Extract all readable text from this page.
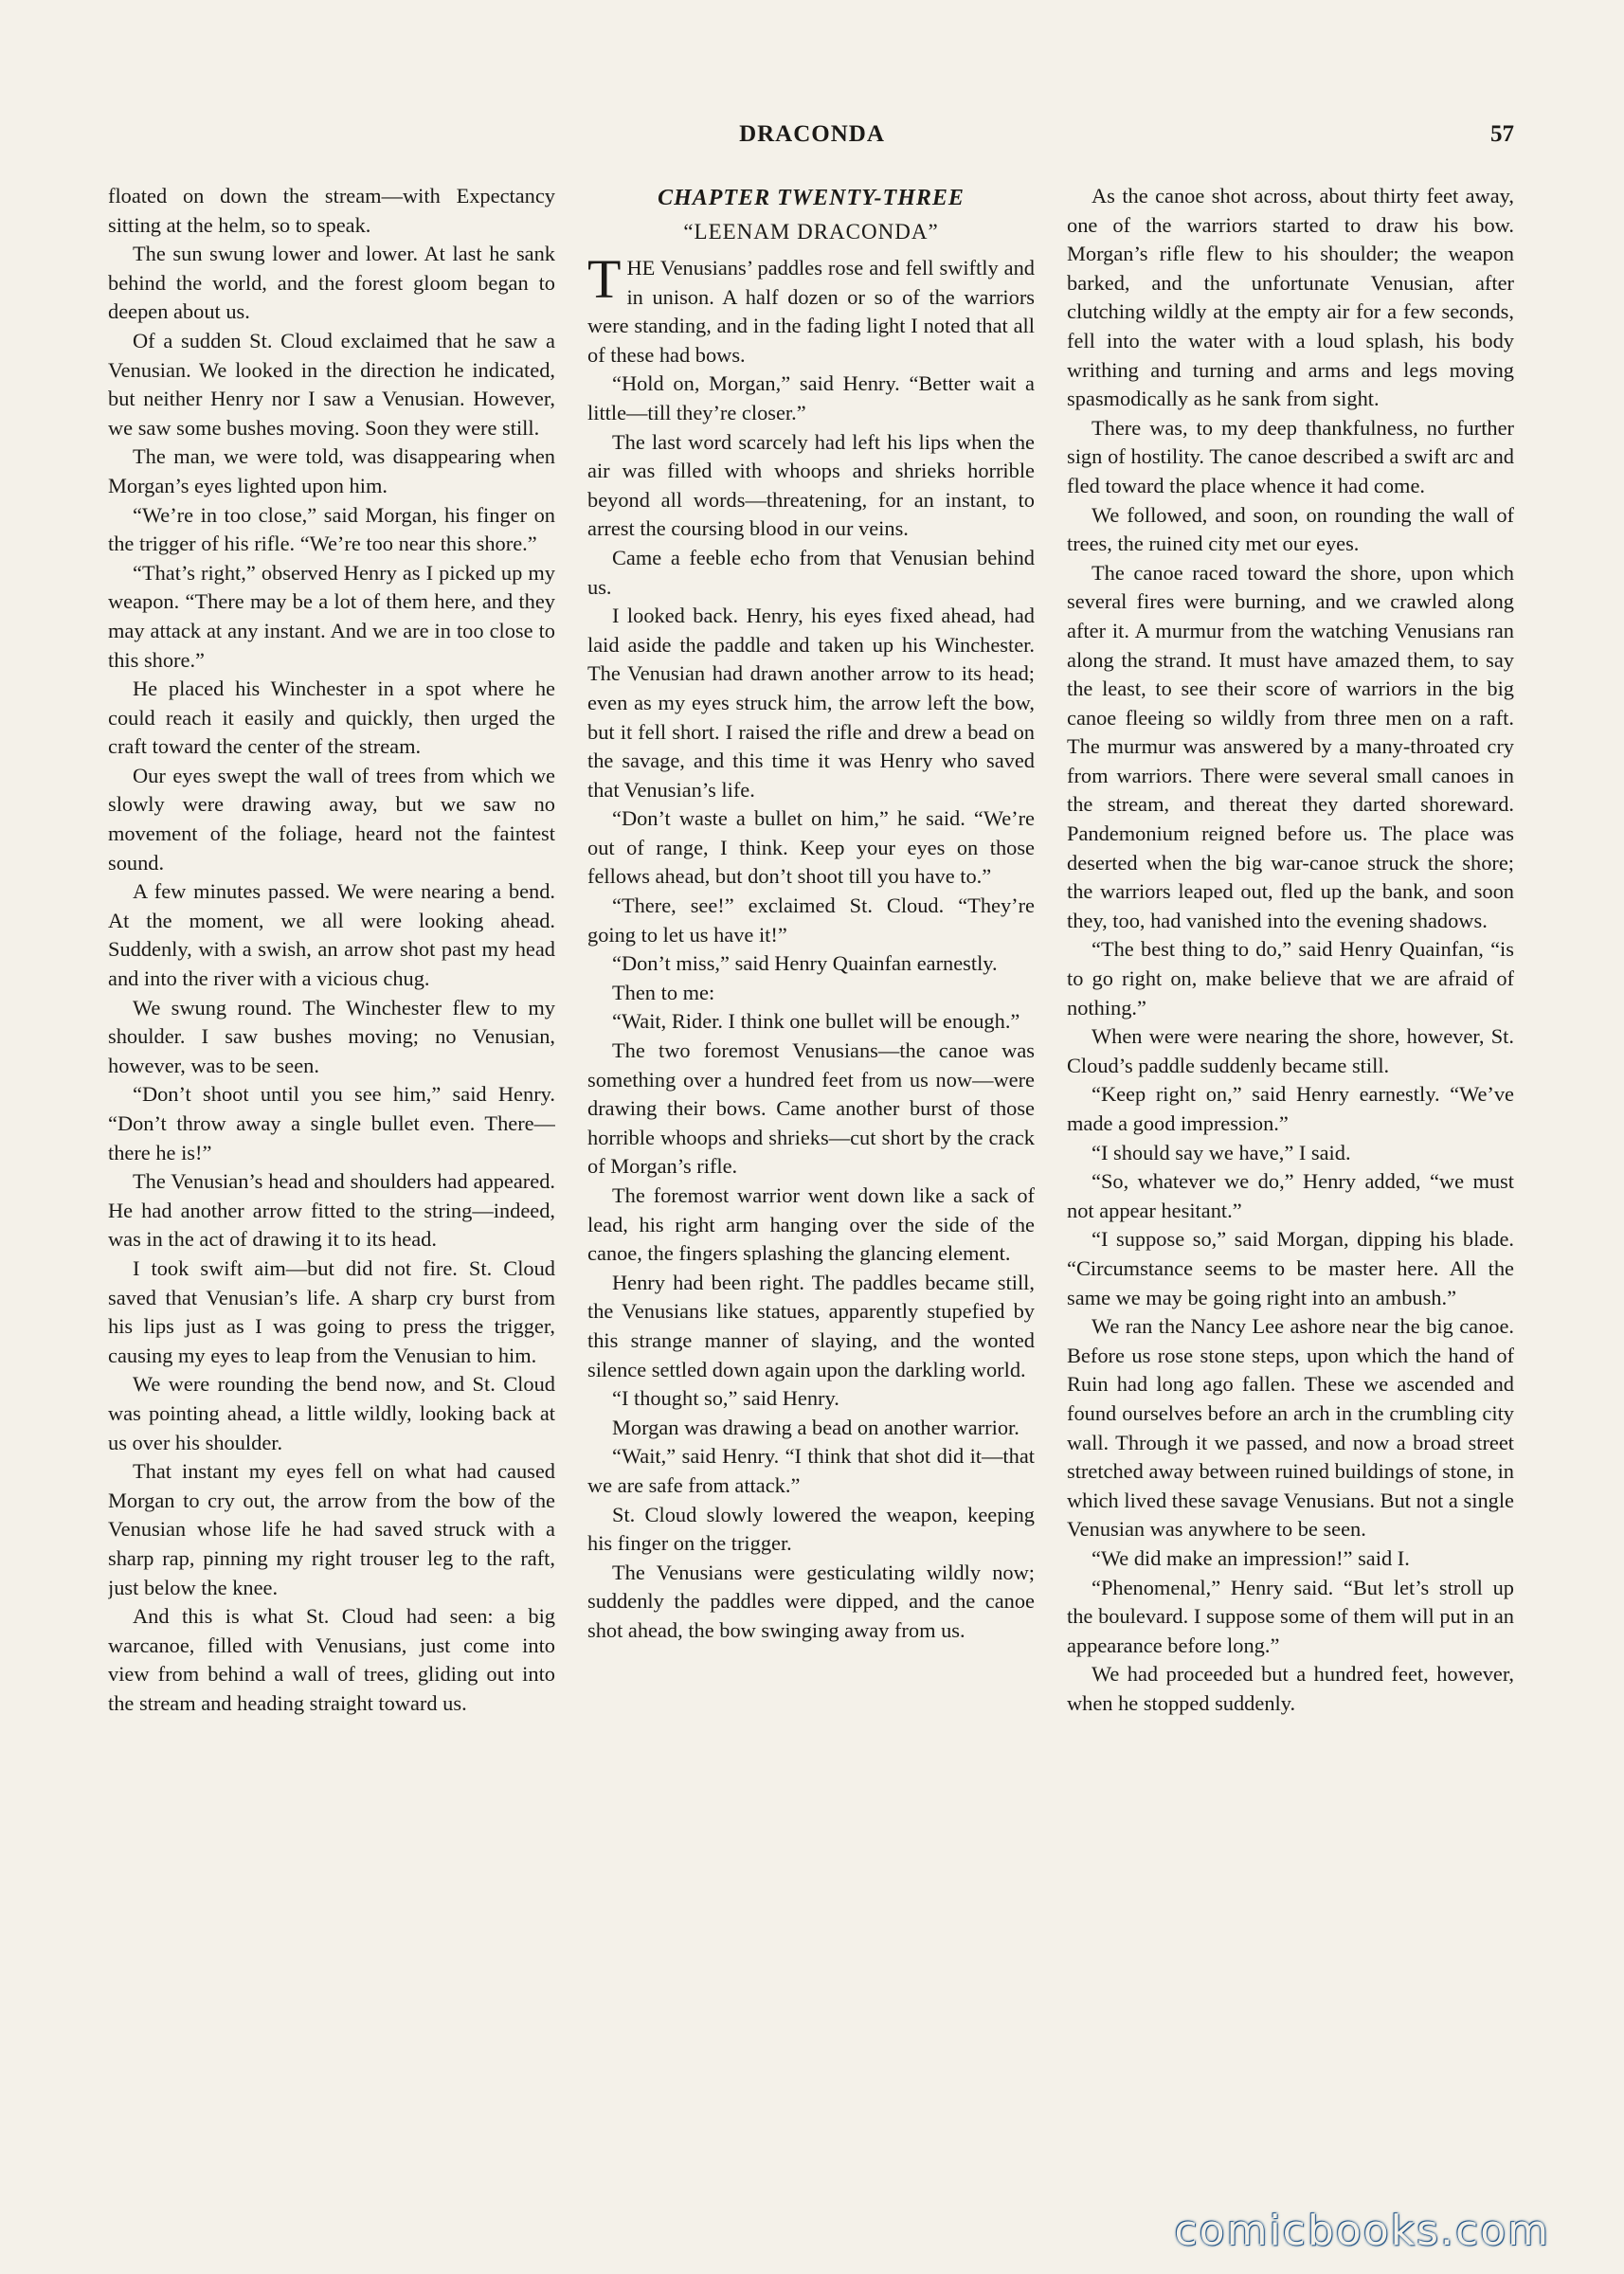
DRACONDA	57

floated on down the stream—with Expectancy sitting at the helm, so to speak.

The sun swung lower and lower. At last he sank behind the world, and the forest gloom began to deepen about us.

Of a sudden St. Cloud exclaimed that he saw a Venusian. We looked in the direction he indicated, but neither Henry nor I saw a Venusian. However, we saw some bushes moving. Soon they were still.

The man, we were told, was disappearing when Morgan’s eyes lighted upon him.

“We’re in too close,” said Morgan, his finger on the trigger of his rifle. “We’re too near this shore.”

“That’s right,” observed Henry as I picked up my weapon. “There may be a lot of them here, and they may attack at any instant. And we are in too close to this shore.”

He placed his Winchester in a spot where he could reach it easily and quickly, then urged the craft toward the center of the stream.

Our eyes swept the wall of trees from which we slowly were drawing away, but we saw no movement of the foliage, heard not the faintest sound.

A few minutes passed. We were nearing a bend. At the moment, we all were looking ahead. Suddenly, with a swish, an arrow shot past my head and into the river with a vicious chug.

We swung round. The Winchester flew to my shoulder. I saw bushes moving; no Venusian, however, was to be seen.

“Don’t shoot until you see him,” said Henry. “Don’t throw away a single bullet even. There—there he is!”

The Venusian’s head and shoulders had appeared. He had another arrow fitted to the string—indeed, was in the act of drawing it to its head.

I took swift aim—but did not fire. St. Cloud saved that Venusian’s life. A sharp cry burst from his lips just as I was going to press the trigger, causing my eyes to leap from the Venusian to him.

We were rounding the bend now, and St. Cloud was pointing ahead, a little wildly, looking back at us over his shoulder.

That instant my eyes fell on what had caused Morgan to cry out, the arrow from the bow of the Venusian whose life he had saved struck with a sharp rap, pinning my right trouser leg to the raft, just below the knee.

And this is what St. Cloud had seen: a big warcanoe, filled with Venusians, just come into view from behind a wall of trees, gliding out into the stream and heading straight toward us.

CHAPTER TWENTY-THREE
“LEENAM DRACONDA”

THE Venusians’ paddles rose and fell swiftly and in unison. A half dozen or so of the warriors were standing, and in the fading light I noted that all of these had bows.

“Hold on, Morgan,” said Henry. “Better wait a little—till they’re closer.”

The last word scarcely had left his lips when the air was filled with whoops and shrieks horrible beyond all words—threatening, for an instant, to arrest the coursing blood in our veins.

Came a feeble echo from that Venusian behind us.

I looked back. Henry, his eyes fixed ahead, had laid aside the paddle and taken up his Winchester. The Venusian had drawn another arrow to its head; even as my eyes struck him, the arrow left the bow, but it fell short. I raised the rifle and drew a bead on the savage, and this time it was Henry who saved that Venusian’s life.

“Don’t waste a bullet on him,” he said. “We’re out of range, I think. Keep your eyes on those fellows ahead, but don’t shoot till you have to.”

“There, see!” exclaimed St. Cloud. “They’re going to let us have it!”

“Don’t miss,” said Henry Quainfan earnestly.

Then to me:

“Wait, Rider. I think one bullet will be enough.”

The two foremost Venusians—the canoe was something over a hundred feet from us now—were drawing their bows. Came another burst of those horrible whoops and shrieks—cut short by the crack of Morgan’s rifle.

The foremost warrior went down like a sack of lead, his right arm hanging over the side of the canoe, the fingers splashing the glancing element.

Henry had been right. The paddles became still, the Venusians like statues, apparently stupefied by this strange manner of slaying, and the wonted silence settled down again upon the darkling world.

“I thought so,” said Henry.

Morgan was drawing a bead on another warrior.

“Wait,” said Henry. “I think that shot did it—that we are safe from attack.”

St. Cloud slowly lowered the weapon, keeping his finger on the trigger.

The Venusians were gesticulating wildly now; suddenly the paddles were dipped, and the canoe shot ahead, the bow swinging away from us.

As the canoe shot across, about thirty feet away, one of the warriors started to draw his bow. Morgan’s rifle flew to his shoulder; the weapon barked, and the unfortunate Venusian, after clutching wildly at the empty air for a few seconds, fell into the water with a loud splash, his body writhing and turning and arms and legs moving spasmodically as he sank from sight.

There was, to my deep thankfulness, no further sign of hostility. The canoe described a swift arc and fled toward the place whence it had come.

We followed, and soon, on rounding the wall of trees, the ruined city met our eyes.

The canoe raced toward the shore, upon which several fires were burning, and we crawled along after it. A murmur from the watching Venusians ran along the strand. It must have amazed them, to say the least, to see their score of warriors in the big canoe fleeing so wildly from three men on a raft. The murmur was answered by a many-throated cry from warriors. There were several small canoes in the stream, and thereat they darted shoreward. Pandemonium reigned before us. The place was deserted when the big war-canoe struck the shore; the warriors leaped out, fled up the bank, and soon they, too, had vanished into the evening shadows.

“The best thing to do,” said Henry Quainfan, “is to go right on, make believe that we are afraid of nothing.”

When were were nearing the shore, however, St. Cloud’s paddle suddenly became still.

“Keep right on,” said Henry earnestly. “We’ve made a good impression.”

“I should say we have,” I said.

“So, whatever we do,” Henry added, “we must not appear hesitant.”

“I suppose so,” said Morgan, dipping his blade. “Circumstance seems to be master here. All the same we may be going right into an ambush.”

We ran the Nancy Lee ashore near the big canoe. Before us rose stone steps, upon which the hand of Ruin had long ago fallen. These we ascended and found ourselves before an arch in the crumbling city wall. Through it we passed, and now a broad street stretched away between ruined buildings of stone, in which lived these savage Venusians. But not a single Venusian was anywhere to be seen.

“We did make an impression!” said I.

“Phenomenal,” Henry said. “But let’s stroll up the boulevard. I suppose some of them will put in an appearance before long.”

We had proceeded but a hundred feet, however, when he stopped suddenly.

comicbooks.com
